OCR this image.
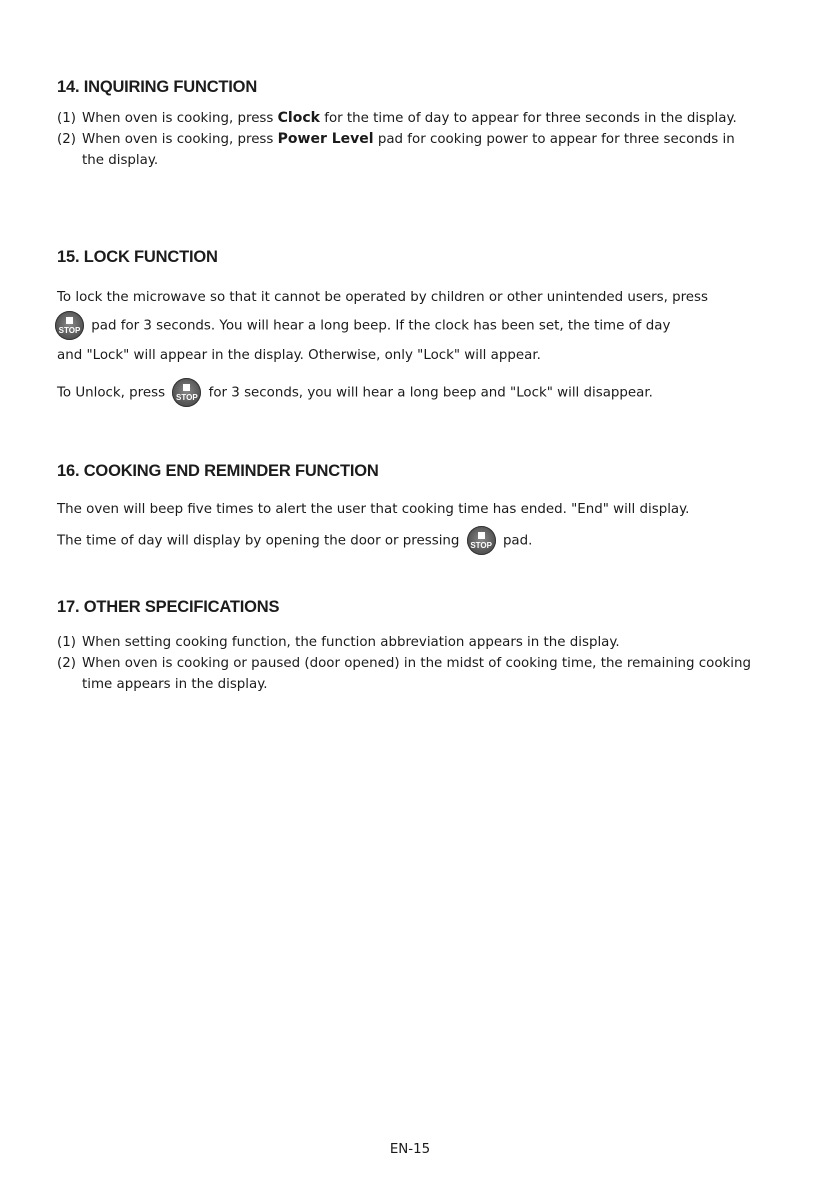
14. INQUIRING FUNCTION
(1) When oven is cooking, press Clock for the time of day to appear for three seconds in the display.
(2) When oven is cooking, press Power Level pad for cooking power to appear for three seconds in the display.
15. LOCK FUNCTION

To lock the microwave so that it cannot be operated by children or other unintended users, press

STOP pad for 3 seconds. You will hear a long beep. If the clock has been set, the time of day

and "Lock" will appear in the display. Otherwise, only "Lock" will appear.

To Unlock, press	STOP for 3 seconds, you will hear a long beep and "Lock" will disappear.

16. COOKING END REMINDER FUNCTION

The oven will beep five times to alert the user that cooking time has ended. "End" will display.

The time of day will display by opening the door or pressing	STOP pad.

17. OTHER SPECIFICATIONS
(1) When setting cooking function, the function abbreviation appears in the display.
(2) When oven is cooking or paused (door opened) in the midst of cooking time, the remaining cooking time appears in the display.
EN-15
